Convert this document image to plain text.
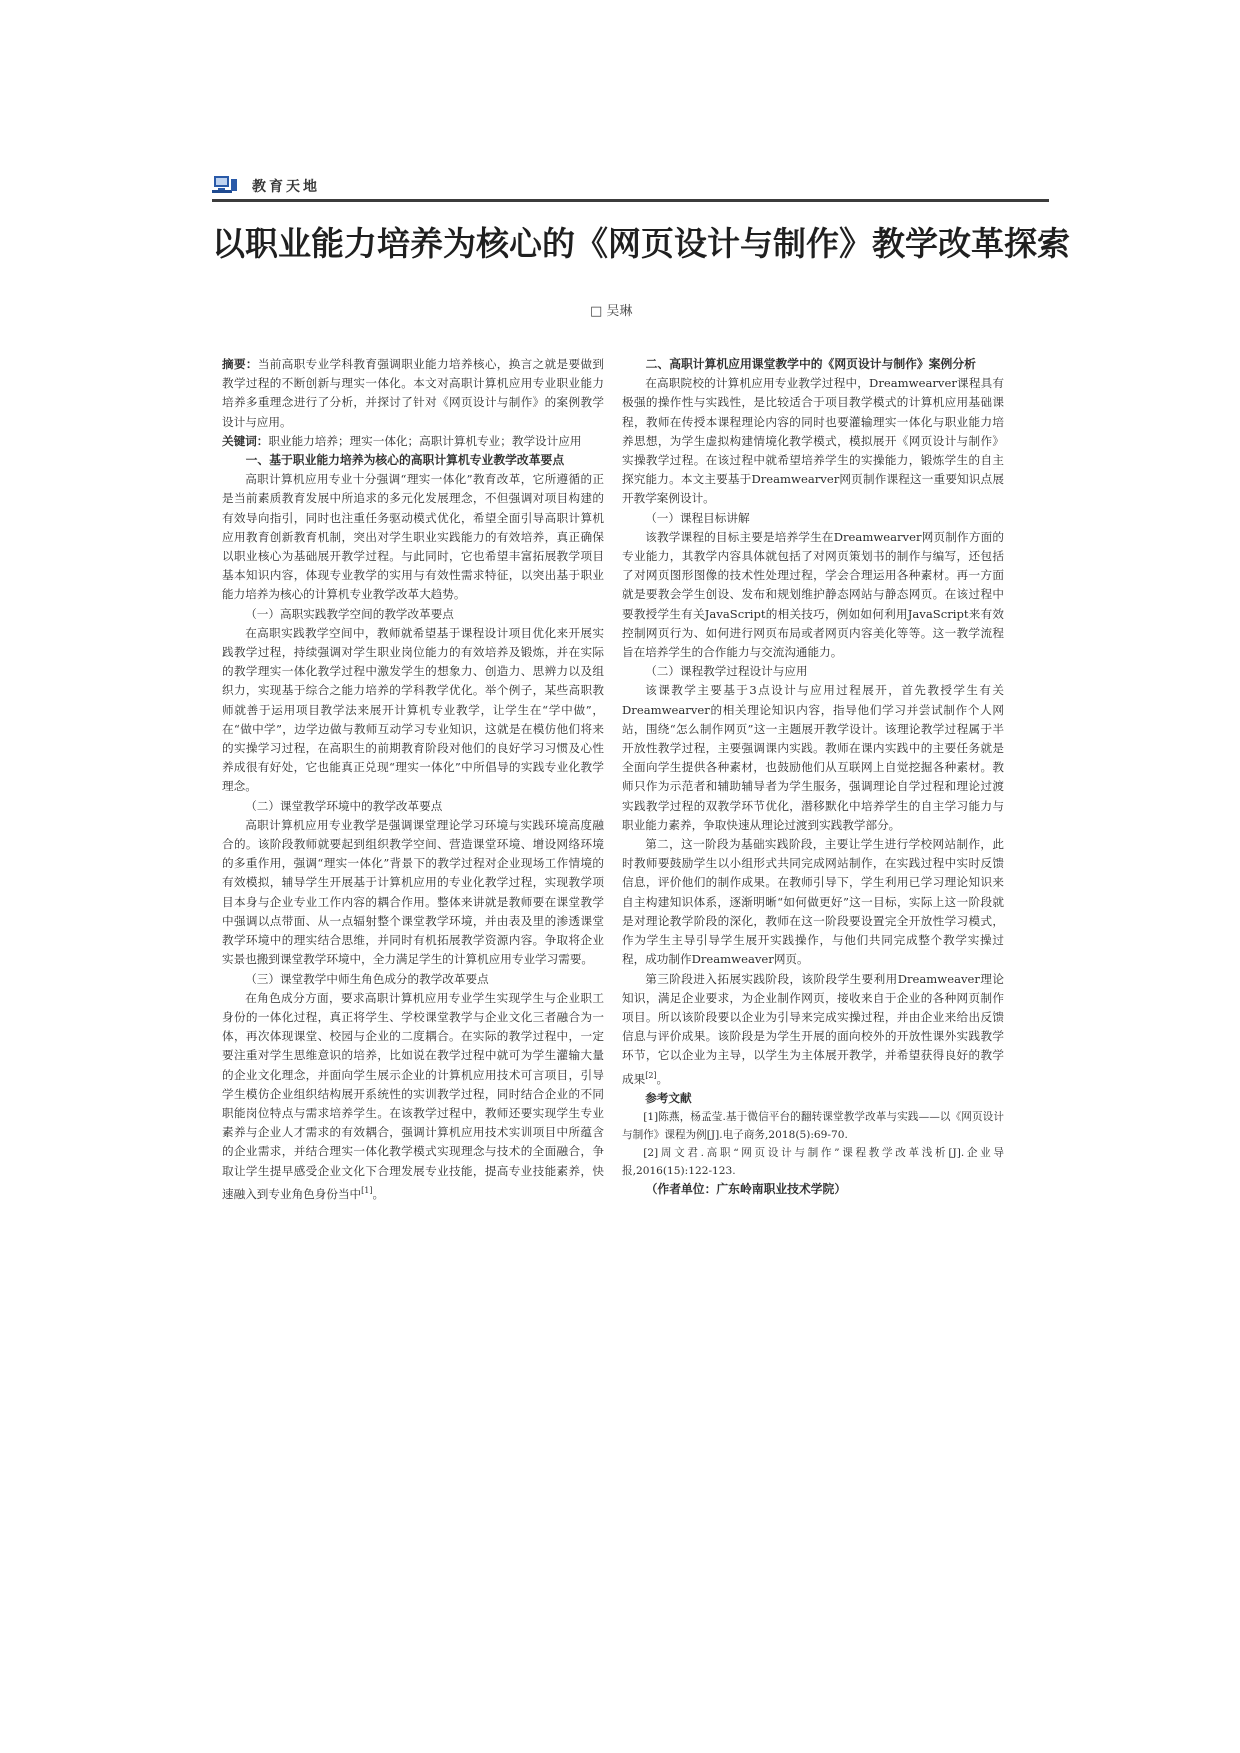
教育天地
以职业能力培养为核心的《网页设计与制作》教学改革探索
□ 吴琳

摘要：当前高职专业学科教育强调职业能力培养核心，换言之就是要做到教学过程的不断创新与理实一体化。本文对高职计算机应用专业职业能力培养多重理念进行了分析，并探讨了针对《网页设计与制作》的案例教学设计与应用。

关键词：职业能力培养；理实一体化；高职计算机专业；教学设计应用

一、基于职业能力培养为核心的高职计算机专业教学改革要点

高职计算机应用专业十分强调“理实一体化”教育改革，它所遵循的正是当前素质教育发展中所追求的多元化发展理念，不但强调对项目构建的有效导向指引，同时也注重任务驱动模式优化，希望全面引导高职计算机应用教育创新教育机制，突出对学生职业实践能力的有效培养，真正确保以职业核心为基础展开教学过程。与此同时，它也希望丰富拓展教学项目基本知识内容，体现专业教学的实用与有效性需求特征，以突出基于职业能力培养为核心的计算机专业教学改革大趋势。

（一）高职实践教学空间的教学改革要点

在高职实践教学空间中，教师就希望基于课程设计项目优化来开展实践教学过程，持续强调对学生职业岗位能力的有效培养及锻炼，并在实际的教学理实一体化教学过程中激发学生的想象力、创造力、思辨力以及组织力，实现基于综合之能力培养的学科教学优化。举个例子，某些高职教师就善于运用项目教学法来展开计算机专业教学，让学生在“学中做”，在“做中学”，边学边做与教师互动学习专业知识，这就是在模仿他们将来的实操学习过程，在高职生的前期教育阶段对他们的良好学习习惯及心性养成很有好处，它也能真正兑现“理实一体化”中所倡导的实践专业化教学理念。

（二）课堂教学环境中的教学改革要点

高职计算机应用专业教学是强调课堂理论学习环境与实践环境高度融合的。该阶段教师就要起到组织教学空间、营造课堂环境、增设网络环境的多重作用，强调“理实一体化”背景下的教学过程对企业现场工作情境的有效模拟，辅导学生开展基于计算机应用的专业化教学过程，实现教学项目本身与企业专业工作内容的耦合作用。整体来讲就是教师要在课堂教学中强调以点带面、从一点辐射整个课堂教学环境，并由表及里的渗透课堂教学环境中的理实结合思维，并同时有机拓展教学资源内容。争取将企业实景也搬到课堂教学环境中，全力满足学生的计算机应用专业学习需要。

（三）课堂教学中师生角色成分的教学改革要点

在角色成分方面，要求高职计算机应用专业学生实现学生与企业职工身份的一体化过程，真正将学生、学校课堂教学与企业文化三者融合为一体，再次体现课堂、校园与企业的二度耦合。在实际的教学过程中，一定要注重对学生思维意识的培养，比如说在教学过程中就可为学生灌输大量的企业文化理念，并面向学生展示企业的计算机应用技术可言项目，引导学生模仿企业组织结构展开系统性的实训教学过程，同时结合企业的不同职能岗位特点与需求培养学生。在该教学过程中，教师还要实现学生专业素养与企业人才需求的有效耦合，强调计算机应用技术实训项目中所蕴含的企业需求，并结合理实一体化教学模式实现理念与技术的全面融合，争取让学生提早感受企业文化下合理发展专业技能，提高专业技能素养，快速融入到专业角色身份当中[1]。

二、高职计算机应用课堂教学中的《网页设计与制作》案例分析

在高职院校的计算机应用专业教学过程中，Dreamwearver课程具有极强的操作性与实践性，是比较适合于项目教学模式的计算机应用基础课程，教师在传授本课程理论内容的同时也要灌输理实一体化与职业能力培养思想，为学生虚拟构建情境化教学模式，模拟展开《网页设计与制作》实操教学过程。在该过程中就希望培养学生的实操能力，锻炼学生的自主探究能力。本文主要基于Dreamwearver网页制作课程这一重要知识点展开教学案例设计。

（一）课程目标讲解

该教学课程的目标主要是培养学生在Dreamwearver网页制作方面的专业能力，其教学内容具体就包括了对网页策划书的制作与编写，还包括了对网页图形图像的技术性处理过程，学会合理运用各种素材。再一方面就是要教会学生创设、发布和规划维护静态网站与静态网页。在该过程中要教授学生有关JavaScript的相关技巧，例如如何利用JavaScript来有效控制网页行为、如何进行网页布局或者网页内容美化等等。这一教学流程旨在培养学生的合作能力与交流沟通能力。

（二）课程教学过程设计与应用

该课教学主要基于3点设计与应用过程展开，首先教授学生有关Dreamwearver的相关理论知识内容，指导他们学习并尝试制作个人网站，围绕“怎么制作网页”这一主题展开教学设计。该理论教学过程属于半开放性教学过程，主要强调课内实践。教师在课内实践中的主要任务就是全面向学生提供各种素材，也鼓励他们从互联网上自觉挖掘各种素材。教师只作为示范者和辅助辅导者为学生服务，强调理论自学过程和理论过渡实践教学过程的双教学环节优化，潜移默化中培养学生的自主学习能力与职业能力素养，争取快速从理论过渡到实践教学部分。

第二，这一阶段为基础实践阶段，主要让学生进行学校网站制作，此时教师要鼓励学生以小组形式共同完成网站制作，在实践过程中实时反馈信息，评价他们的制作成果。在教师引导下，学生利用已学习理论知识来自主构建知识体系，逐渐明晰“如何做更好”这一目标，实际上这一阶段就是对理论教学阶段的深化，教师在这一阶段要设置完全开放性学习模式，作为学生主导引导学生展开实践操作，与他们共同完成整个教学实操过程，成功制作Dreamweaver网页。

第三阶段进入拓展实践阶段，该阶段学生要利用Dreamweaver理论知识，满足企业要求，为企业制作网页，接收来自于企业的各种网页制作项目。所以该阶段要以企业为引导来完成实操过程，并由企业来给出反馈信息与评价成果。该阶段是为学生开展的面向校外的开放性课外实践教学环节，它以企业为主导，以学生为主体展开教学，并希望获得良好的教学成果[2]。

参考文献

[1]陈燕，杨孟莹.基于微信平台的翻转课堂教学改革与实践——以《网页设计与制作》课程为例[J].电子商务,2018(5):69-70.

[2]周文君.高职“网页设计与制作”课程教学改革浅析[J].企业导报,2016(15):122-123.

（作者单位：广东岭南职业技术学院）
